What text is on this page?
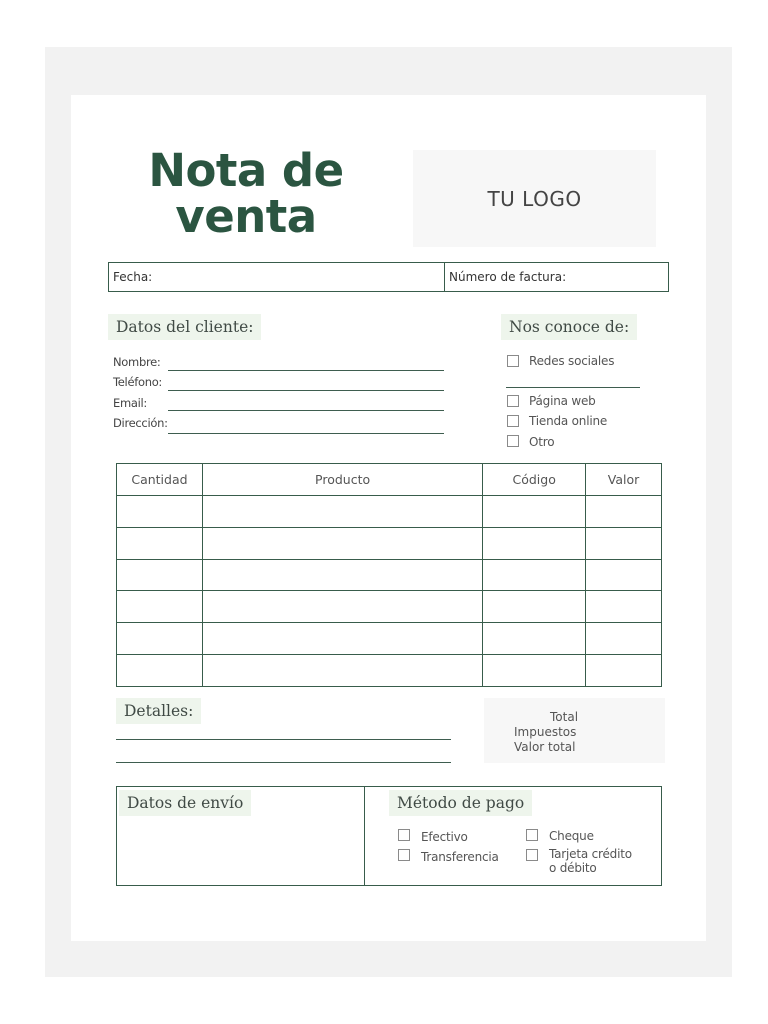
Nota de
venta	TU LOGO
Fecha:	Número de factura:
Datos del cliente:
Nombre:
Teléfono:
Email:
Dirección:
Nos conoce de:
Redes sociales
Página web
Tienda online
Otro
Cantidad	Producto	Código	Valor

Detalles:	Total
Impuestos
Valor total
Datos de envío	Método de pago
Efectivo
Transferencia
Cheque
Tarjeta crédito
o débito
